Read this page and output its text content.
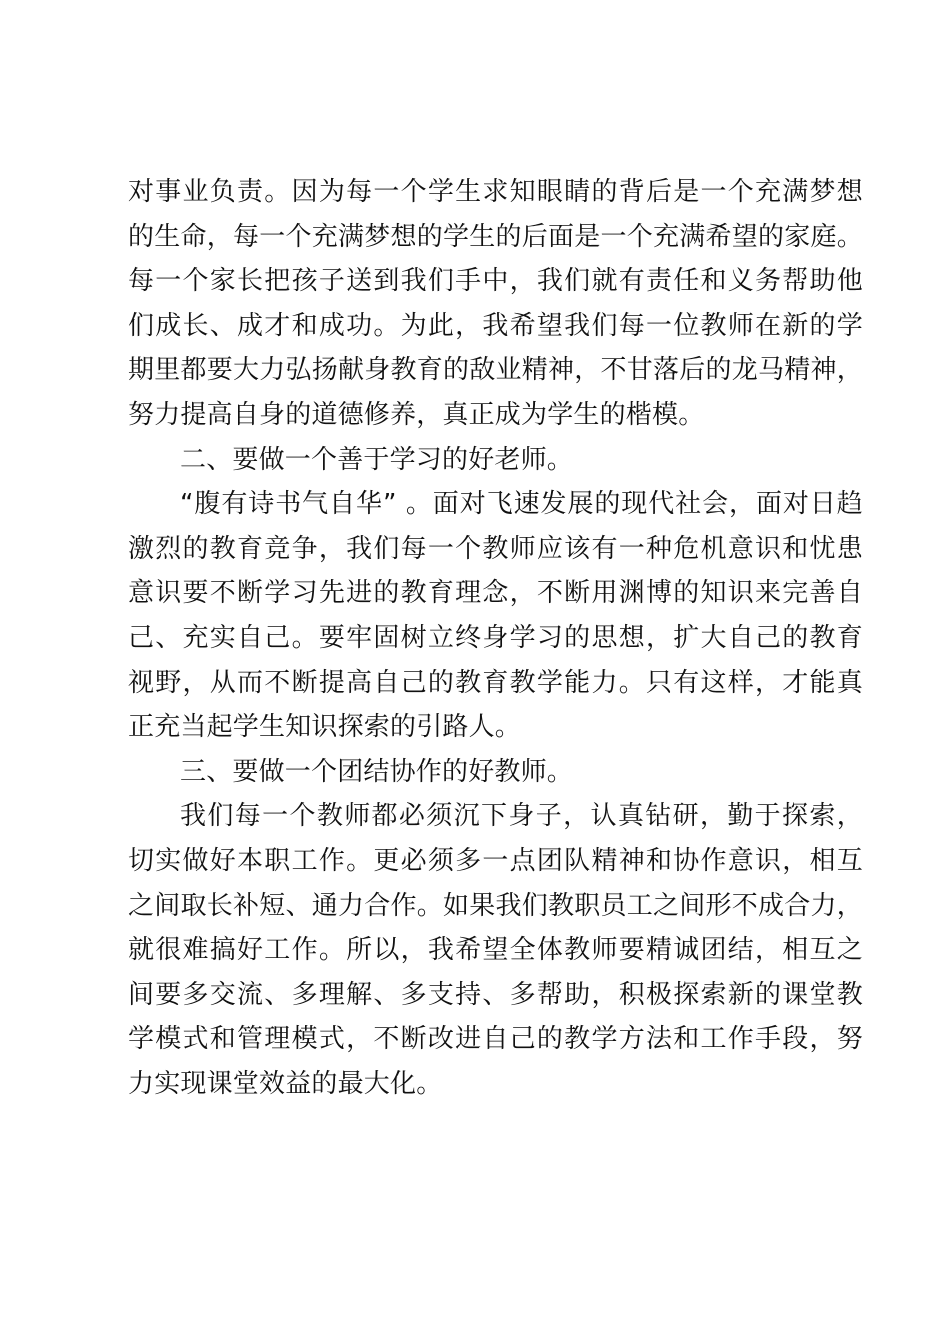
对事业负责。因为每一个学生求知眼睛的背后是一个充满梦想
的生命，每一个充满梦想的学生的后面是一个充满希望的家庭。
每一个家长把孩子送到我们手中，我们就有责任和义务帮助他
们成长、成才和成功。为此，我希望我们每一位教师在新的学
期里都要大力弘扬献身教育的敌业精神，不甘落后的龙马精神，
努力提高自身的道德修养，真正成为学生的楷模。
二、要做一个善于学习的好老师。
“腹有诗书气自华” 。面对飞速发展的现代社会，面对日趋
激烈的教育竞争，我们每一个教师应该有一种危机意识和忧患
意识要不断学习先进的教育理念，不断用渊博的知识来完善自
己、充实自己。要牢固树立终身学习的思想，扩大自己的教育
视野，从而不断提高自己的教育教学能力。只有这样，才能真
正充当起学生知识探索的引路人。
三、要做一个团结协作的好教师。
我们每一个教师都必须沉下身子，认真钻研，勤于探索，
切实做好本职工作。更必须多一点团队精神和协作意识，相互
之间取长补短、通力合作。如果我们教职员工之间形不成合力，
就很难搞好工作。所以，我希望全体教师要精诚团结，相互之
间要多交流、多理解、多支持、多帮助，积极探索新的课堂教
学模式和管理模式，不断改进自己的教学方法和工作手段，努
力实现课堂效益的最大化。
